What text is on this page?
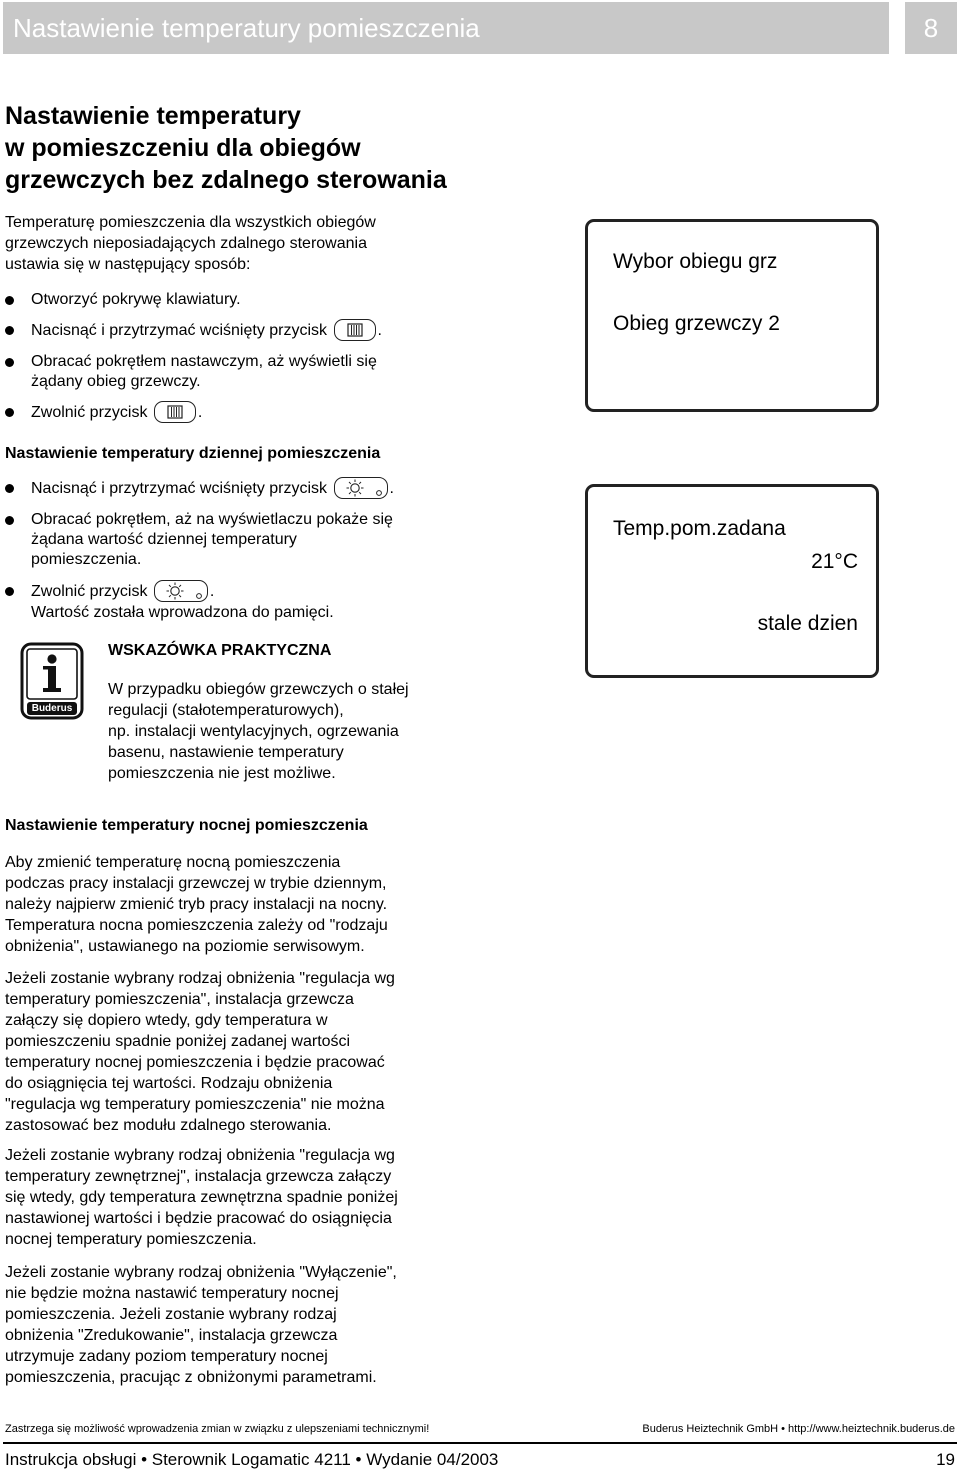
Nastawienie temperatury pomieszczenia	8
Nastawienie temperatury
w pomieszczeniu dla obiegów
grzewczych bez zdalnego sterowania
Temperaturę pomieszczenia dla wszystkich obiegów
grzewczych nieposiadających zdalnego sterowania
ustawia się w następujący sposób:
Otworzyć pokrywę klawiatury.
Nacisnąć i przytrzymać wciśnięty przycisk	.
Obracać pokrętłem nastawczym, aż wyświetli się
żądany obieg grzewczy.
Zwolnić przycisk	.
Wybor obiegu grz
Obieg grzewczy 2
Nastawienie temperatury dziennej pomieszczenia
Nacisnąć i przytrzymać wciśnięty przycisk	.
Obracać pokrętłem, aż na wyświetlaczu pokaże się
żądana wartość dziennej temperatury
pomieszczenia.
Zwolnić przycisk	.
Wartość została wprowadzona do pamięci.
Temp.pom.zadana
21°C
stale dzien
Buderus
WSKAZÓWKA PRAKTYCZNA
W przypadku obiegów grzewczych o stałej
regulacji (stałotemperaturowych),
np. instalacji wentylacyjnych, ogrzewania
basenu, nastawienie temperatury
pomieszczenia nie jest możliwe.
Nastawienie temperatury nocnej pomieszczenia
Aby zmienić temperaturę nocną pomieszczenia
podczas pracy instalacji grzewczej w trybie dziennym,
należy najpierw zmienić tryb pracy instalacji na nocny.
Temperatura nocna pomieszczenia zależy od "rodzaju
obniżenia", ustawianego na poziomie serwisowym.
Jeżeli zostanie wybrany rodzaj obniżenia "regulacja wg
temperatury pomieszczenia", instalacja grzewcza
załączy się dopiero wtedy, gdy temperatura w
pomieszczeniu spadnie poniżej zadanej wartości
temperatury nocnej pomieszczenia i będzie pracować
do osiągnięcia tej wartości. Rodzaju obniżenia
"regulacja wg temperatury pomieszczenia" nie można
zastosować bez modułu zdalnego sterowania.
Jeżeli zostanie wybrany rodzaj obniżenia "regulacja wg
temperatury zewnętrznej", instalacja grzewcza załączy
się wtedy, gdy temperatura zewnętrzna spadnie poniżej
nastawionej wartości i będzie pracować do osiągnięcia
nocnej temperatury pomieszczenia.
Jeżeli zostanie wybrany rodzaj obniżenia "Wyłączenie",
nie będzie można nastawić temperatury nocnej
pomieszczenia. Jeżeli zostanie wybrany rodzaj
obniżenia "Zredukowanie", instalacja grzewcza
utrzymuje zadany poziom temperatury nocnej
pomieszczenia, pracując z obniżonymi parametrami.
Zastrzega się możliwość wprowadzenia zmian w związku z ulepszeniami technicznymi!	Buderus Heiztechnik GmbH • http://www.heiztechnik.buderus.de
Instrukcja obsługi • Sterownik Logamatic 4211 • Wydanie 04/2003	19
